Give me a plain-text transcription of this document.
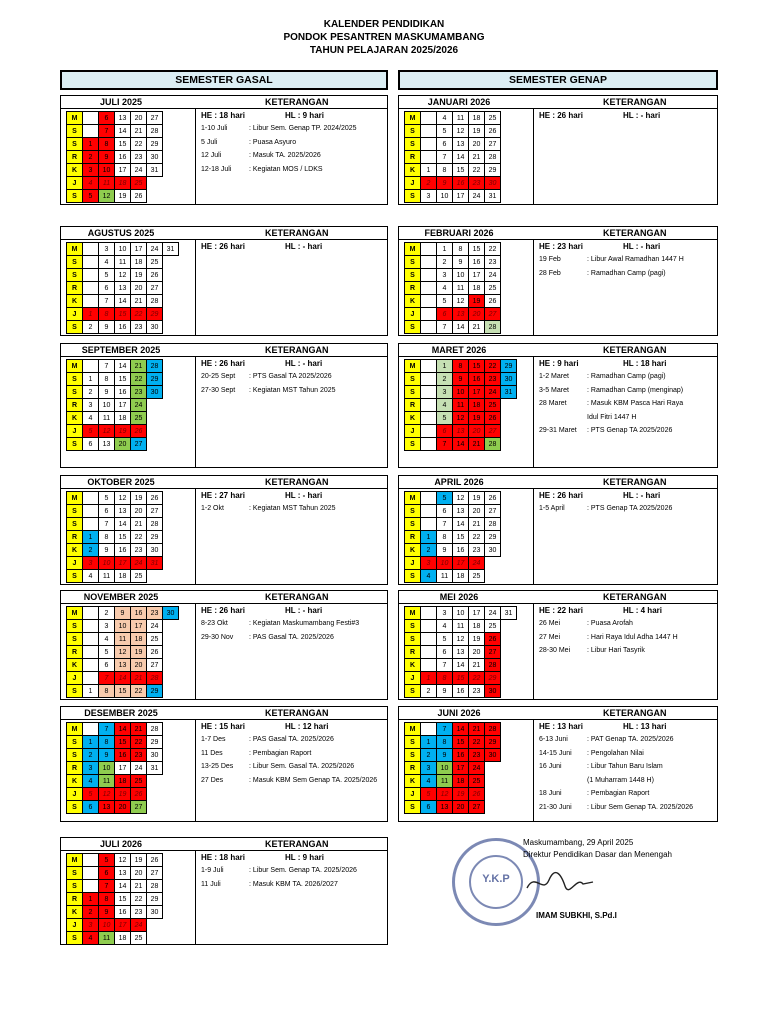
KALENDER PENDIDIKAN
PONDOK PESANTREN MASKUMAMBANG
TAHUN PELAJARAN 2025/2026
SEMESTER GASAL	SEMESTER GENAP
JULI 2025	KETERANGAN
M		6	13	20	27	
S		7	14	21	28	
S	1	8	15	22	29	
R	2	9	16	23	30	
K	3	10	17	24	31	
J	4	11	18	25		
S	5	12	19	26		
HE : 18 hari	HL : 9 hari
1-10 Juli	: Libur Sem. Genap TP. 2024/2025
5 Juli	: Puasa Asyuro
12 Juli	: Masuk TA. 2025/2026
12-18 Juli	: Kegiatan MOS / LDKS
AGUSTUS 2025	KETERANGAN
M		3	10	17	24	31
S		4	11	18	25	
S		5	12	19	26	
R		6	13	20	27	
K		7	14	21	28	
J	1	8	15	22	29	
S	2	9	16	23	30	
HE : 26 hari	HL : - hari
SEPTEMBER 2025	KETERANGAN
M		7	14	21	28	
S	1	8	15	22	29	
S	2	9	16	23	30	
R	3	10	17	24		
K	4	11	18	25		
J	5	12	19	26		
S	6	13	20	27		
HE : 26 hari	HL : - hari
20-25 Sept : PTS Gasal TA 2025/2026
27-30 Sept : Kegiatan MST Tahun 2025
OKTOBER 2025	KETERANGAN
M		5	12	19	26	
S		6	13	20	27	
S		7	14	21	28	
R	1	8	15	22	29	
K	2	9	16	23	30	
J	3	10	17	24	31	
S	4	11	18	25		
HE : 27 hari	HL : - hari
1-2 Okt	: Kegiatan MST Tahun 2025
NOVEMBER 2025	KETERANGAN
M		2	9	16	23	30
S		3	10	17	24	
S		4	11	18	25	
R		5	12	19	26	
K		6	13	20	27	
J		7	14	21	28	
S	1	8	15	22	29	
HE : 26 hari	HL : - hari
8-23 Okt	: Kegiatan Maskumambang Festi#3
29-30 Nov : PAS Gasal TA. 2025/2026
DESEMBER 2025	KETERANGAN
M		7	14	21	28	
S	1	8	15	22	29	
S	2	9	16	23	30	
R	3	10	17	24	31	
K	4	11	18	25		
J	5	12	19	26		
S	6	13	20	27		
HE : 15 hari	HL : 12 hari
1-7 Des	: PAS Gasal TA. 2025/2026
11 Des	: Pembagian Raport
13-25 Des : Libur Sem. Gasal TA. 2025/2026
27 Des	: Masuk KBM Sem Genap TA. 2025/2026
JANUARI 2026	KETERANGAN
M		4	11	18	25	
S		5	12	19	26	
S		6	13	20	27	
R		7	14	21	28	
K	1	8	15	22	29	
J	2	9	16	23	30	
S	3	10	17	24	31	
HE : 26 hari	HL : - hari
FEBRUARI 2026	KETERANGAN
M		1	8	15	22	
S		2	9	16	23	
S		3	10	17	24	
R		4	11	18	25	
K		5	12	19	26	
J		6	13	20	27	
S		7	14	21	28	
HE : 23 hari	HL : - hari
19 Feb	: Libur Awal Ramadhan 1447 H
28 Feb	: Ramadhan Camp (pagi)
MARET 2026	KETERANGAN
M		1	8	15	22	29
S		2	9	16	23	30
S		3	10	17	24	31
R		4	11	18	25	
K		5	12	19	26	
J		6	13	20	27	
S		7	14	21	28	
HE : 9 hari	HL : 18 hari
1-2 Maret	: Ramadhan Camp (pagi)
3-5 Maret	: Ramadhan Camp (menginap)
28 Maret	: Masuk KBM Pasca Hari Raya
Idul Fitri 1447 H
29-31 Maret : PTS Genap TA 2025/2026
APRIL 2026	KETERANGAN
M		5	12	19	26	
S		6	13	20	27	
S		7	14	21	28	
R	1	8	15	22	29	
K	2	9	16	23	30	
J	3	10	17	24		
S	4	11	18	25		
HE : 26 hari	HL : - hari
1-5 April	: PTS Genap TA 2025/2026
MEI 2026	KETERANGAN
M		3	10	17	24	31
S		4	11	18	25	
S		5	12	19	26	
R		6	13	20	27	
K		7	14	21	28	
J	1	8	15	22	29	
S	2	9	16	23	30	
HE : 22 hari	HL : 4 hari
26 Mei	: Puasa Arofah
27 Mei	: Hari Raya Idul Adha 1447 H
28-30 Mei : Libur Hari Tasyrik
JUNI 2026	KETERANGAN
M		7	14	21	28	
S	1	8	15	22	29	
S	2	9	16	23	30	
R	3	10	17	24		
K	4	11	18	25		
J	5	12	19	26		
S	6	13	20	27		
HE : 13 hari	HL : 13 hari
6-13 Juni	: PAT Genap TA. 2025/2026
14-15 Juni : Pengolahan Nilai
16 Juni	: Libur Tahun Baru Islam
(1 Muharram 1448 H)
18 Juni	: Pembagian Raport
21-30 Juni : Libur Sem Genap TA. 2025/2026
JULI 2026	KETERANGAN
M		5	12	19	26	
S		6	13	20	27	
S		7	14	21	28	
R	1	8	15	22	29	
K	2	9	16	23	30	
J	3	10	17	24		
S	4	11	18	25		
HE : 18 hari	HL : 9 hari
1-9 Juli	: Libur Sem. Genap TA. 2025/2026
11 Juli	: Masuk KBM TA. 2026/2027	Y.K.P
Maskumambang, 29 April 2025
Direktur Pendidikan Dasar dan Menengah
IMAM SUBKHI, S.Pd.I
